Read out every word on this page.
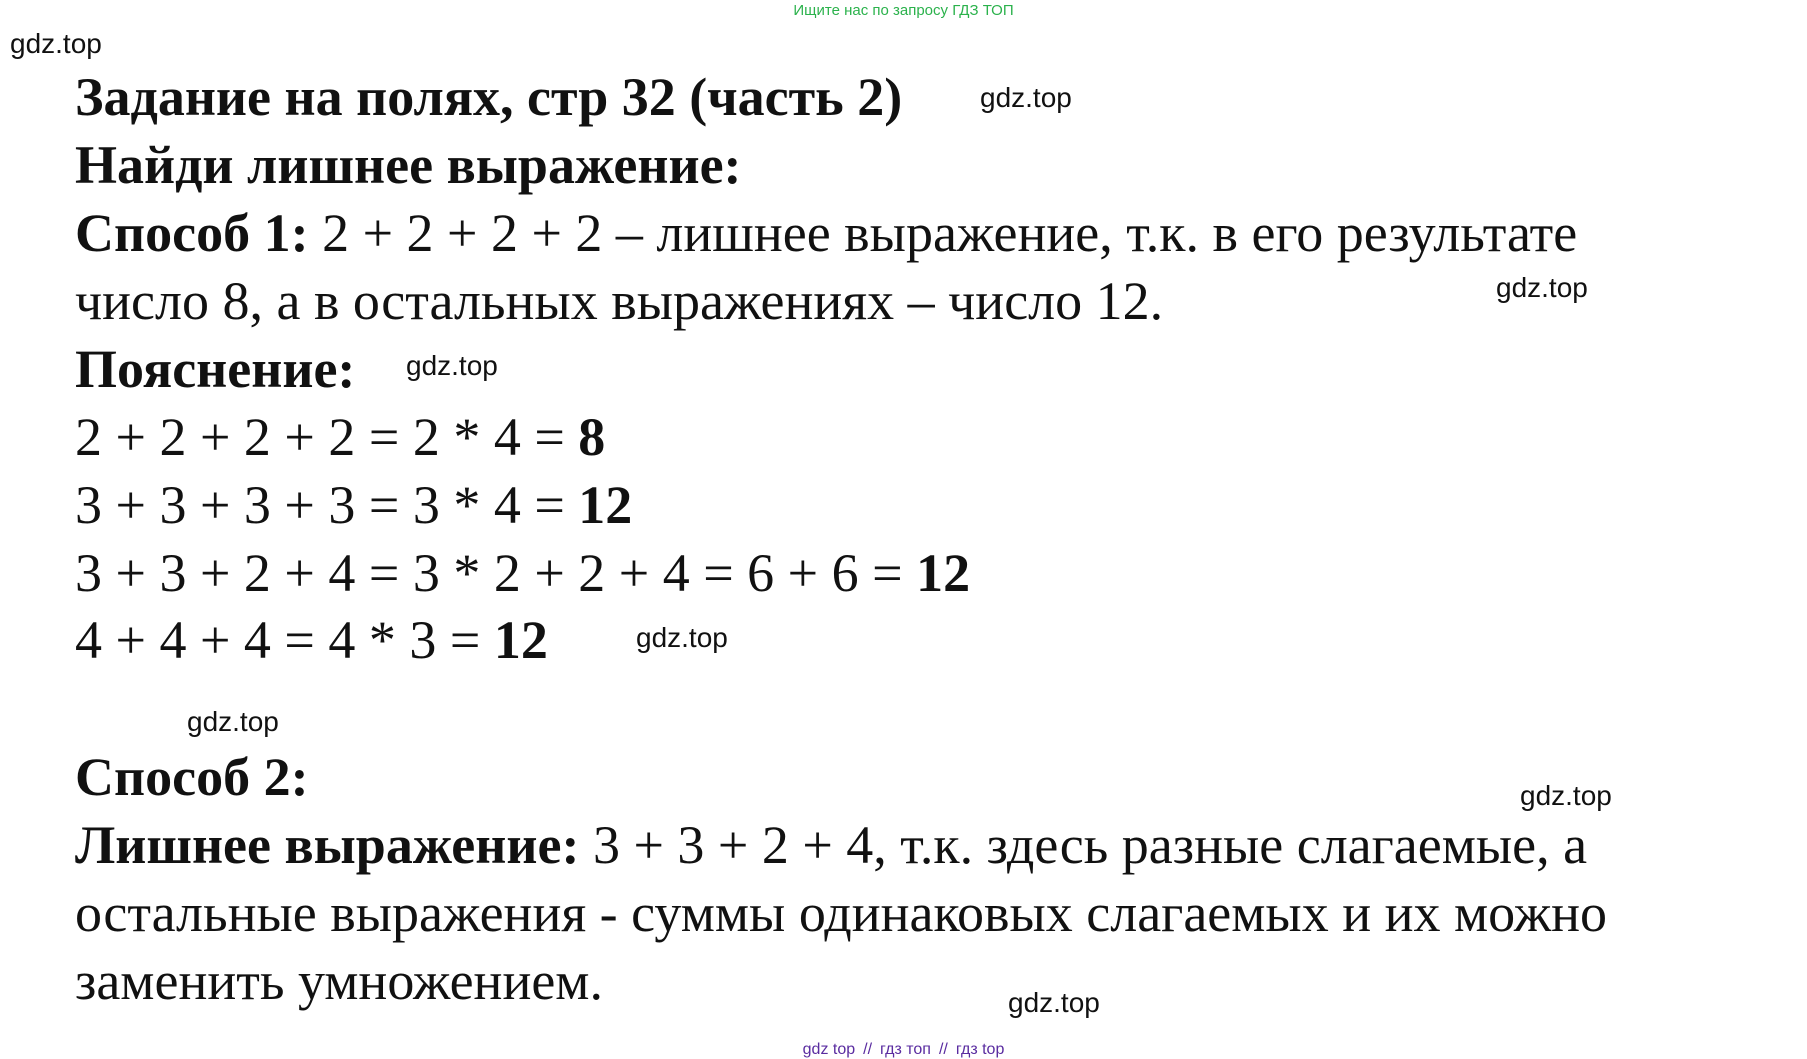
Ищите нас по запросу ГДЗ ТОП
gdz.top
gdz.top
gdz.top
gdz.top
gdz.top
gdz.top
gdz.top
gdz.top
Задание на полях, стр 32 (часть 2)
Найди лишнее выражение:
Способ 1: 2 + 2 + 2 + 2 – лишнее выражение, т.к. в его результате
число 8, а в остальных выражениях – число 12.
Пояснение:
2 + 2 + 2 + 2 = 2 * 4 = 8
3 + 3 + 3 + 3 = 3 * 4 = 12
3 + 3 + 2 + 4 = 3 * 2 + 2 + 4 = 6 + 6 = 12
4 + 4 + 4 = 4 * 3 = 12
Способ 2:
Лишнее выражение: 3 + 3 + 2 + 4, т.к. здесь разные слагаемые, а
остальные выражения - суммы одинаковых слагаемых и их можно
заменить умножением.
gdz top // гдз топ // гдз top
